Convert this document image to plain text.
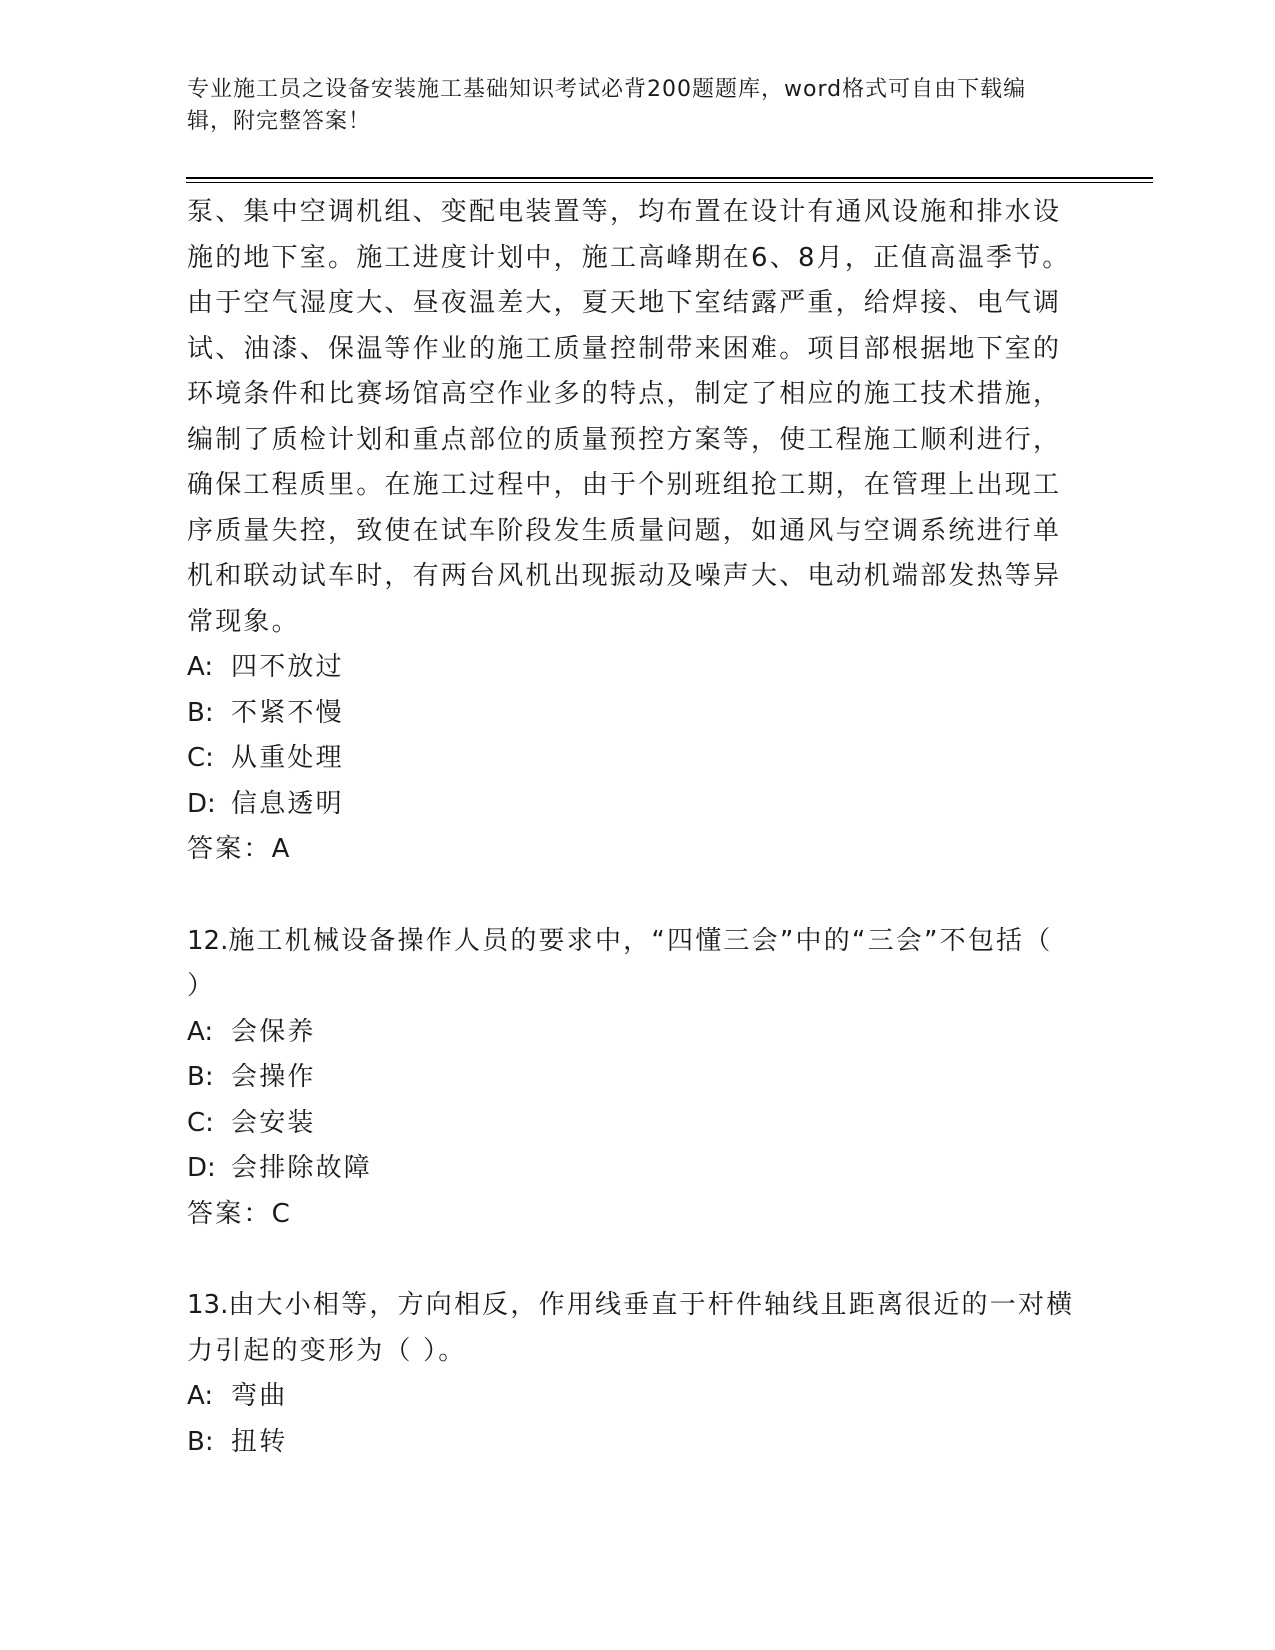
专业施工员之设备安装施工基础知识考试必背200题题库，word格式可自由下载编辑，附完整答案！

泵、集中空调机组、变配电装置等，均布置在设计有通风设施和排水设施的地下室。施工进度计划中，施工高峰期在6、8月，正值高温季节。由于空气湿度大、昼夜温差大，夏天地下室结露严重，给焊接、电气调试、油漆、保温等作业的施工质量控制带来困难。项目部根据地下室的环境条件和比赛场馆高空作业多的特点，制定了相应的施工技术措施，编制了质检计划和重点部位的质量预控方案等，使工程施工顺利进行，确保工程质里。在施工过程中，由于个别班组抢工期，在管理上出现工序质量失控，致使在试车阶段发生质量问题，如通风与空调系统进行单机和联动试车时，有两台风机出现振动及噪声大、电动机端部发热等异常现象。

A: 四不放过

B: 不紧不慢

C: 从重处理

D: 信息透明

答案：A

12.施工机械设备操作人员的要求中，“四懂三会”中的“三会”不包括（ ）

A: 会保养

B: 会操作

C: 会安装

D: 会排除故障

答案：C

13.由大小相等，方向相反，作用线垂直于杆件轴线且距离很近的一对横力引起的变形为（ ）。

A: 弯曲

B: 扭转
